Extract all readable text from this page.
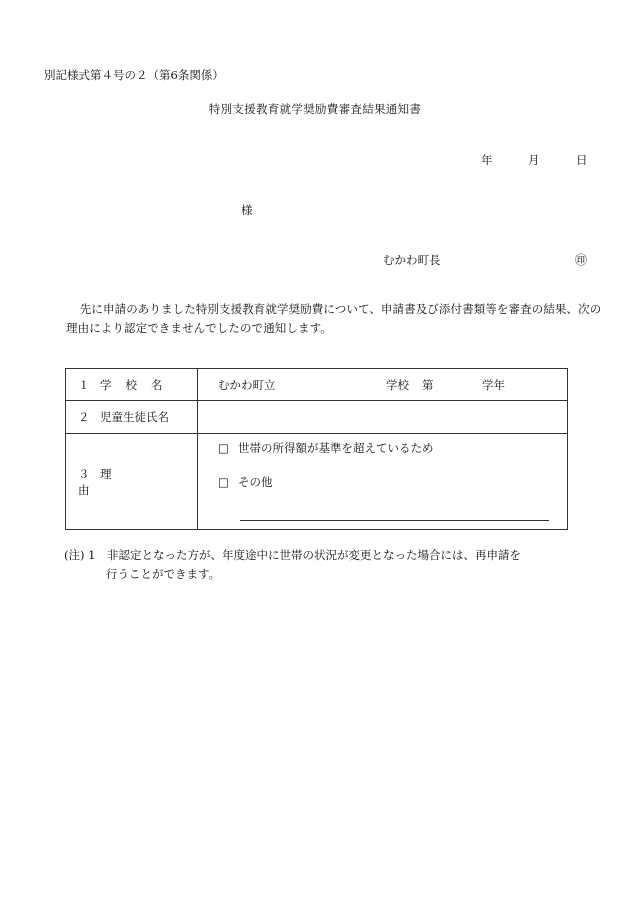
別記様式第４号の２（第6条関係）
特別支援教育就学奨励費審査結果通知書
年	月	日
様
むかわ町長	㊞
先に申請のありました特別支援教育就学奨励費について、申請書及び添付書類等を審査の結果、次の理由により認定できませんでしたので通知します。
１ 学校名	むかわ町立 学校 第 学年

２ 児童生徒氏名	
３ 理由	□ 世帯の所得額が基準を超えているため
□ その他
(注) 1　非認定となった方が、年度途中に世帯の状況が変更となった場合には、再申請を
行うことができます。
